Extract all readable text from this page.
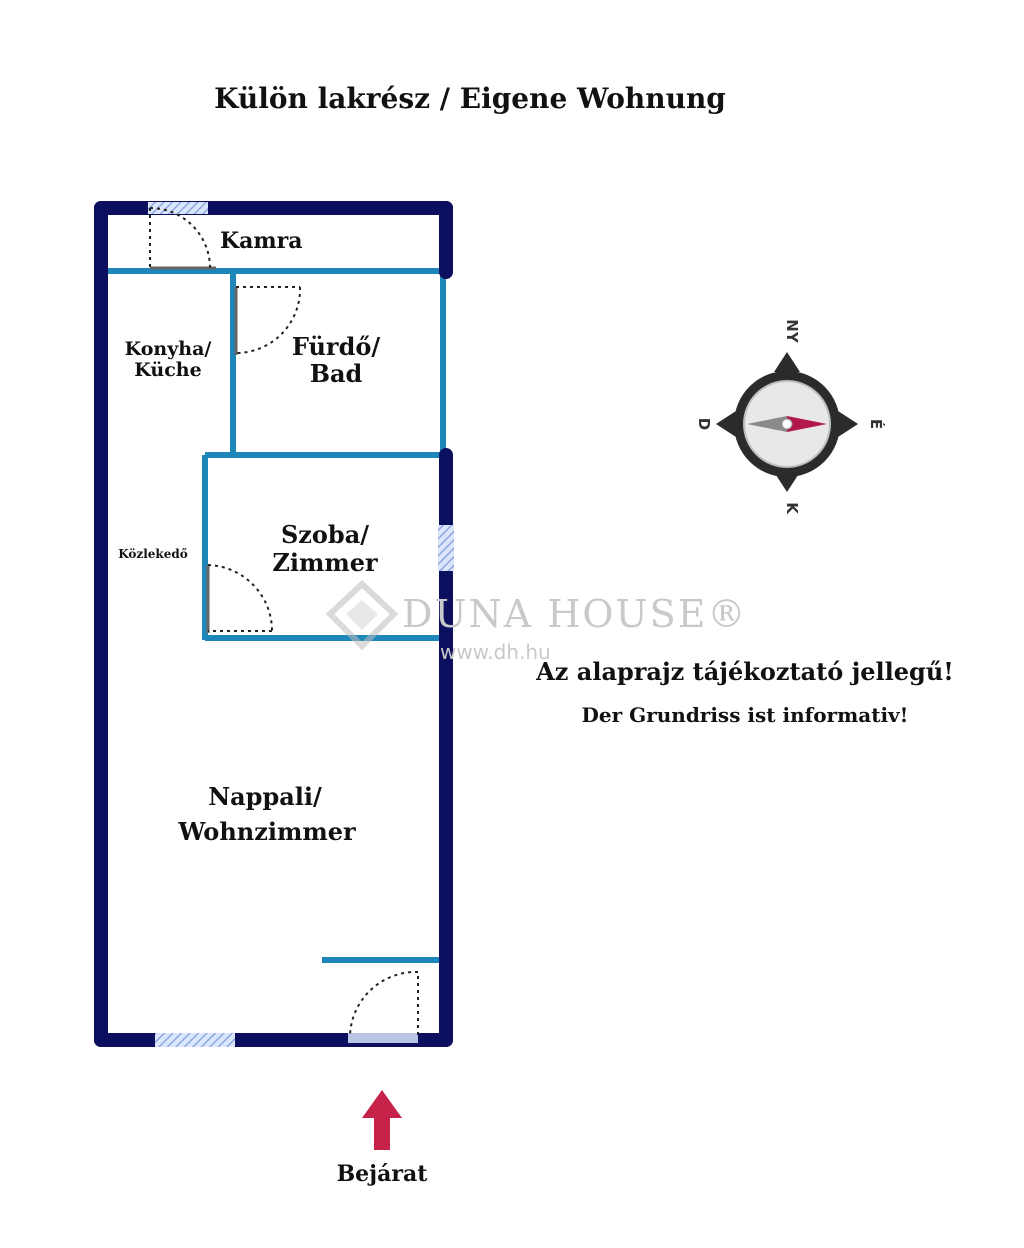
Külön lakrész / Eigene Wohnung
Kamra
Konyha/
Küche
Fürdő/
Bad
Közlekedő
Szoba/
Zimmer
Nappali/
Wohnzimmer
NY
K
D	É
DUNA HOUSE®
www.dh.hu
Az alaprajz tájékoztató jellegű!
Der Grundriss ist informativ!
Bejárat
